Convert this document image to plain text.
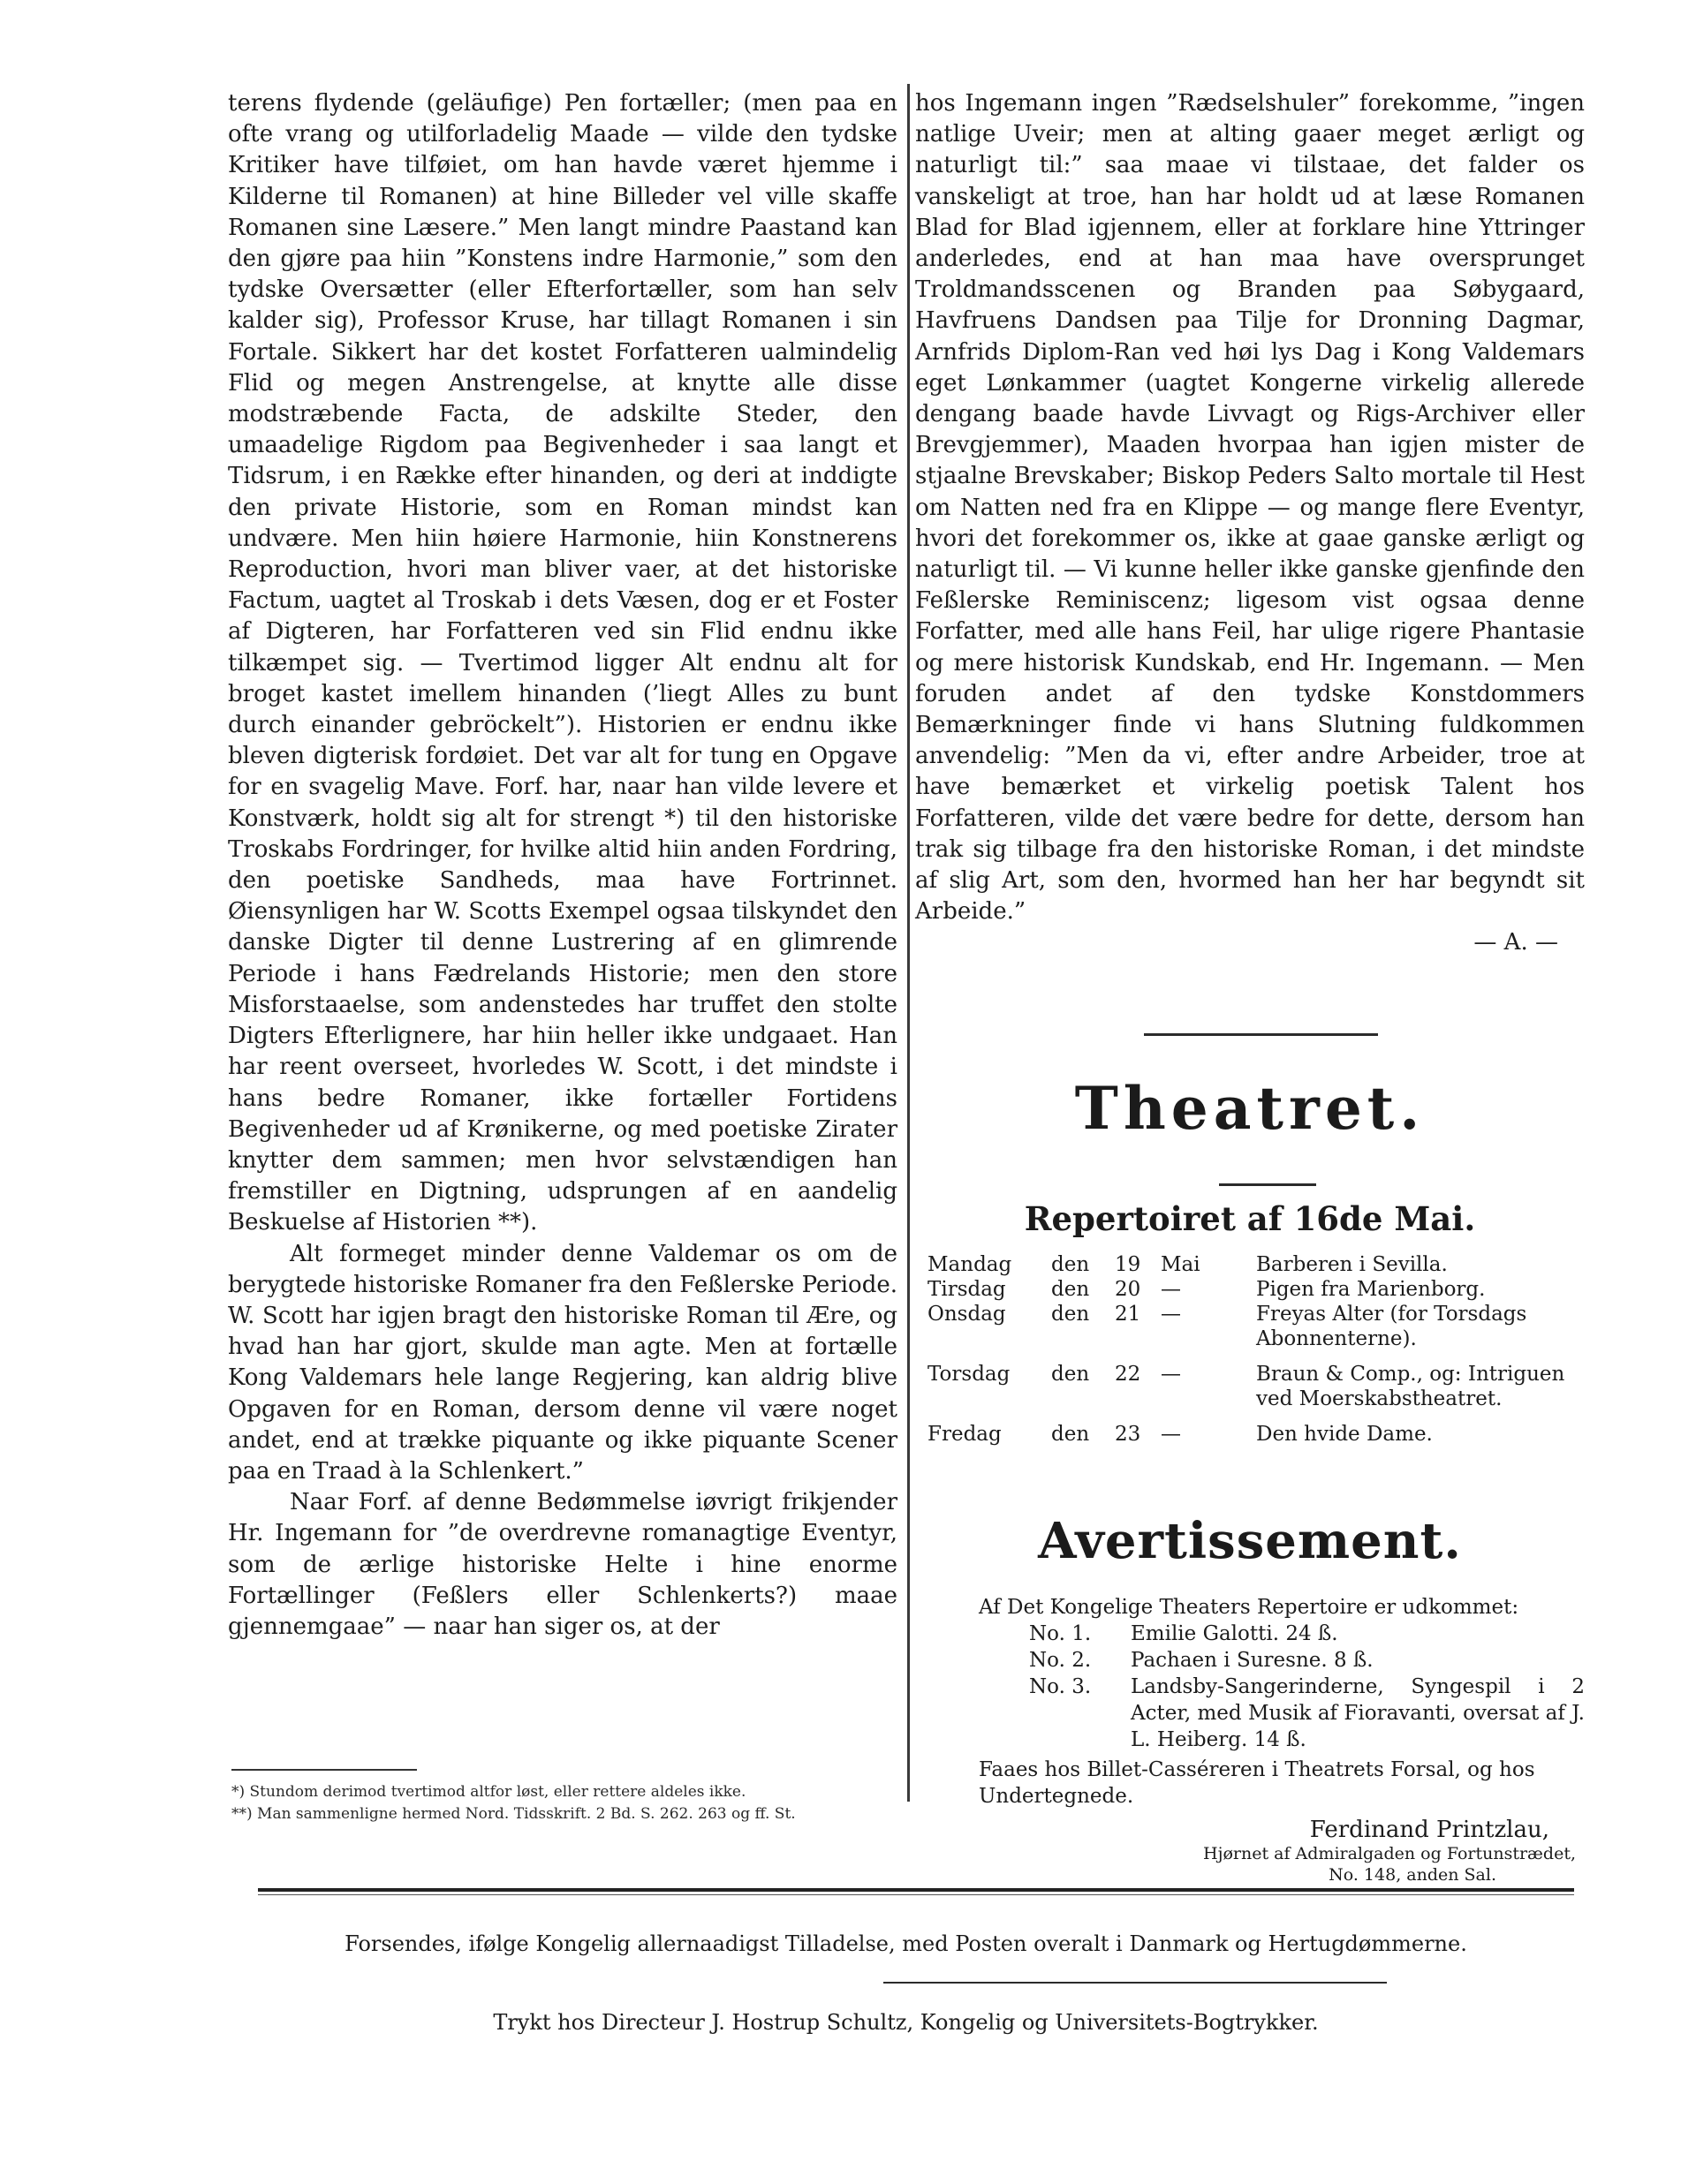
terens flydende (geläufige) Pen fortæller; (men paa en ofte vrang og utilforladelig Maade — vilde den tydske Kritiker have tilføiet, om han havde været hjemme i Kilderne til Romanen) at hine Billeder vel ville skaffe Romanen sine Læsere.” Men langt mindre Paastand kan den gjøre paa hiin ”Konstens indre Harmonie,” som den tydske Oversætter (eller Efterfortæller, som han selv kalder sig), Professor Kruse, har tillagt Romanen i sin Fortale. Sikkert har det kostet Forfatteren ualmindelig Flid og megen Anstrengelse, at knytte alle disse modstræbende Facta, de adskilte Steder, den umaadelige Rigdom paa Begivenheder i saa langt et Tidsrum, i en Række efter hinanden, og deri at inddigte den private Historie, som en Roman mindst kan undvære. Men hiin høiere Harmonie, hiin Konstnerens Reproduction, hvori man bliver vaer, at det historiske Factum, uagtet al Troskab i dets Væsen, dog er et Foster af Digteren, har Forfatteren ved sin Flid endnu ikke tilkæmpet sig. — Tvertimod ligger Alt endnu alt for broget kastet imellem hinanden (’liegt Alles zu bunt durch einander gebröckelt”). Historien er endnu ikke bleven digterisk fordøiet. Det var alt for tung en Opgave for en svagelig Mave. Forf. har, naar han vilde levere et Konstværk, holdt sig alt for strengt *) til den historiske Troskabs Fordringer, for hvilke altid hiin anden Fordring, den poetiske Sandheds, maa have Fortrinnet. Øiensynligen har W. Scotts Exempel ogsaa tilskyndet den danske Digter til denne Lustrering af en glimrende Periode i hans Fædrelands Historie; men den store Misforstaaelse, som andenstedes har truffet den stolte Digters Efterlignere, har hiin heller ikke undgaaet. Han har reent overseet, hvorledes W. Scott, i det mindste i hans bedre Romaner, ikke fortæller Fortidens Begivenheder ud af Krønikerne, og med poetiske Zirater knytter dem sammen; men hvor selvstændigen han fremstiller en Digtning, udsprungen af en aandelig Beskuelse af Historien **).

Alt formeget minder denne Valdemar os om de berygtede historiske Romaner fra den Feßlerske Periode. W. Scott har igjen bragt den historiske Roman til Ære, og hvad han har gjort, skulde man agte. Men at fortælle Kong Valdemars hele lange Regjering, kan aldrig blive Opgaven for en Roman, dersom denne vil være noget andet, end at trække piquante og ikke piquante Scener paa en Traad à la Schlenkert.”

Naar Forf. af denne Bedømmelse iøvrigt frikjender Hr. Ingemann for ”de overdrevne romanagtige Eventyr, som de ærlige historiske Helte i hine enorme Fortællinger (Feßlers eller Schlenkerts?) maae gjennemgaae” — naar han siger os, at der

*) Stundom derimod tvertimod altfor løst, eller rettere aldeles ikke.

**) Man sammenligne hermed Nord. Tidsskrift. 2 Bd. S. 262. 263 og ff. St.

hos Ingemann ingen ”Rædselshuler” forekomme, ”ingen natlige Uveir; men at alting gaaer meget ærligt og naturligt til:” saa maae vi tilstaae, det falder os vanskeligt at troe, han har holdt ud at læse Romanen Blad for Blad igjennem, eller at forklare hine Yttringer anderledes, end at han maa have oversprunget Troldmandsscenen og Branden paa Søbygaard, Havfruens Dandsen paa Tilje for Dronning Dagmar, Arnfrids Diplom-Ran ved høi lys Dag i Kong Valdemars eget Lønkammer (uagtet Kongerne virkelig allerede dengang baade havde Livvagt og Rigs-Archiver eller Brevgjemmer), Maaden hvorpaa han igjen mister de stjaalne Brevskaber; Biskop Peders Salto mortale til Hest om Natten ned fra en Klippe — og mange flere Eventyr, hvori det forekommer os, ikke at gaae ganske ærligt og naturligt til. — Vi kunne heller ikke ganske gjenfinde den Feßlerske Reminiscenz; ligesom vist ogsaa denne Forfatter, med alle hans Feil, har ulige rigere Phantasie og mere historisk Kundskab, end Hr. Ingemann. — Men foruden andet af den tydske Konstdommers Bemærkninger finde vi hans Slutning fuldkommen anvendelig: ”Men da vi, efter andre Arbeider, troe at have bemærket et virkelig poetisk Talent hos Forfatteren, vilde det være bedre for dette, dersom han trak sig tilbage fra den historiske Roman, i det mindste af slig Art, som den, hvormed han her har begyndt sit Arbeide.”

— A. —

Theatret.
Repertoiret af 16de Mai.
Mandag	den	19	Mai	Barberen i Sevilla.
Tirsdag	den	20	—	Pigen fra Marienborg.
Onsdag	den	21	—	Freyas Alter (for Torsdags Abonnenterne).
Torsdag	den	22	—	Braun & Comp., og: Intriguen ved Moerskabstheatret.
Fredag	den	23	—	Den hvide Dame.
Avertissement.

Af Det Kongelige Theaters Repertoire er udkommet:

No. 1.	Emilie Galotti. 24 ß.
No. 2.	Pachaen i Suresne. 8 ß.
No. 3.	Landsby-Sangerinderne, Syngespil i 2 Acter, med Musik af Fioravanti, oversat af J. L. Heiberg. 14 ß.

Faaes hos Billet-Casséreren i Theatrets Forsal, og hos Undertegnede.

Ferdinand Printzlau,

Hjørnet af Admiralgaden og Fortunstrædet,

No. 148, anden Sal.

Forsendes, ifølge Kongelig allernaadigst Tilladelse, med Posten overalt i Danmark og Hertugdømmerne.
Trykt hos Directeur J. Hostrup Schultz, Kongelig og Universitets-Bogtrykker.
